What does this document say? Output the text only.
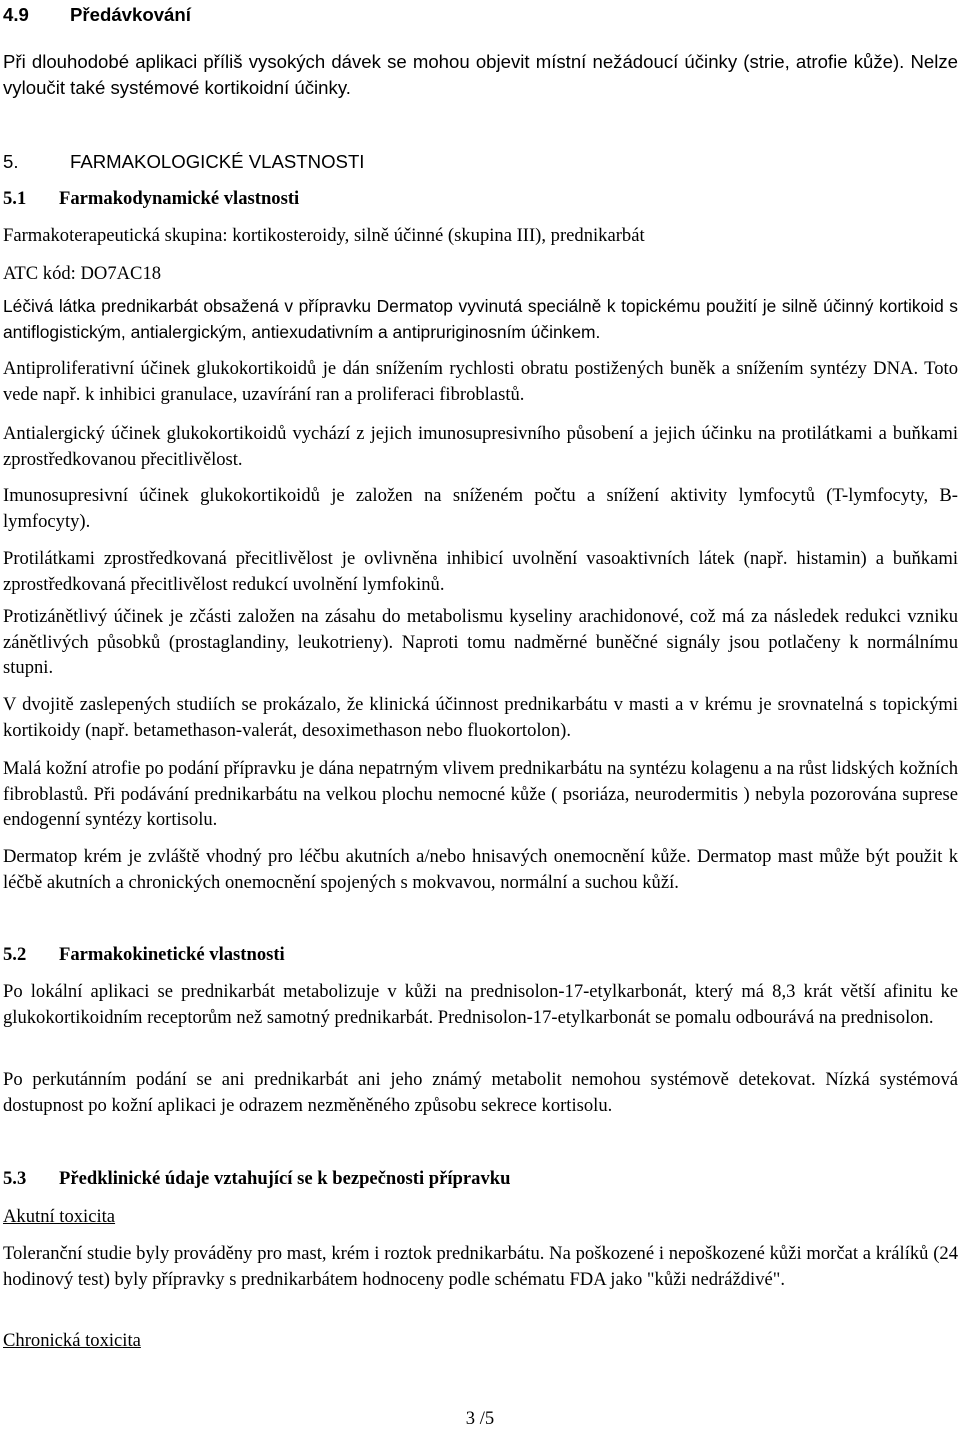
4.9 Předávkování

Při dlouhodobé aplikaci příliš vysokých dávek se mohou objevit místní nežádoucí účinky (strie, atrofie kůže). Nelze vyloučit také systémové kortikoidní účinky.

5.	FARMAKOLOGICKÉ VLASTNOSTI
5.1 Farmakodynamické vlastnosti

Farmakoterapeutická skupina: kortikosteroidy, silně účinné (skupina III), prednikarbát

ATC kód: DO7AC18

Léčivá látka prednikarbát obsažená v přípravku Dermatop vyvinutá speciálně k topickému použití je silně účinný kortikoid s antiflogistickým, antialergickým, antiexudativním a antipruriginosním účinkem.

Antiproliferativní účinek glukokortikoidů je dán snížením rychlosti obratu postižených buněk a snížením syntézy DNA. Toto vede např. k inhibici granulace, uzavírání ran a proliferaci fibroblastů.

Antialergický účinek glukokortikoidů vychází z jejich imunosupresivního působení a jejich účinku na protilátkami a buňkami zprostředkovanou přecitlivělost.

Imunosupresivní účinek glukokortikoidů je založen na sníženém počtu a snížení aktivity lymfocytů (T-lymfocyty, B-lymfocyty).

Protilátkami zprostředkovaná přecitlivělost je ovlivněna inhibicí uvolnění vasoaktivních látek (např. histamin) a buňkami zprostředkovaná přecitlivělost redukcí uvolnění lymfokinů.

Protizánětlivý účinek je zčásti založen na zásahu do metabolismu kyseliny arachidonové, což má za následek redukci vzniku zánětlivých působků (prostaglandiny, leukotrieny). Naproti tomu nadměrné buněčné signály jsou potlačeny k normálnímu stupni.

V dvojitě zaslepených studiích se prokázalo, že klinická účinnost prednikarbátu v masti a v krému je srovnatelná s topickými kortikoidy (např. betamethason-valerát, desoximethason nebo fluokortolon).

Malá kožní atrofie po podání přípravku je dána nepatrným vlivem prednikarbátu na syntézu kolagenu a na růst lidských kožních fibroblastů. Při podávání prednikarbátu na velkou plochu nemocné kůže ( psoriáza, neurodermitis ) nebyla pozorována suprese endogenní syntézy kortisolu.

Dermatop krém je zvláště vhodný pro léčbu akutních a/nebo hnisavých onemocnění kůže. Dermatop mast může být použit k léčbě akutních a chronických onemocnění spojených s mokvavou, normální a suchou kůží.

5.2 Farmakokinetické vlastnosti

Po lokální aplikaci se prednikarbát metabolizuje v kůži na prednisolon-17-etylkarbonát, který má 8,3 krát větší afinitu ke glukokortikoidním receptorům než samotný prednikarbát. Prednisolon-17-etylkarbonát se pomalu odbourává na prednisolon.

Po perkutánním podání se ani prednikarbát ani jeho známý metabolit nemohou systémově detekovat. Nízká systémová dostupnost po kožní aplikaci je odrazem nezměněného způsobu sekrece kortisolu.

5.3 Předklinické údaje vztahující se k bezpečnosti přípravku

Akutní toxicita

Toleranční studie byly prováděny pro mast, krém i roztok prednikarbátu. Na poškozené i nepoškozené kůži morčat a králíků (24 hodinový test) byly přípravky s prednikarbátem hodnoceny podle schématu FDA jako "kůži nedráždivé".

Chronická toxicita

3 /5
